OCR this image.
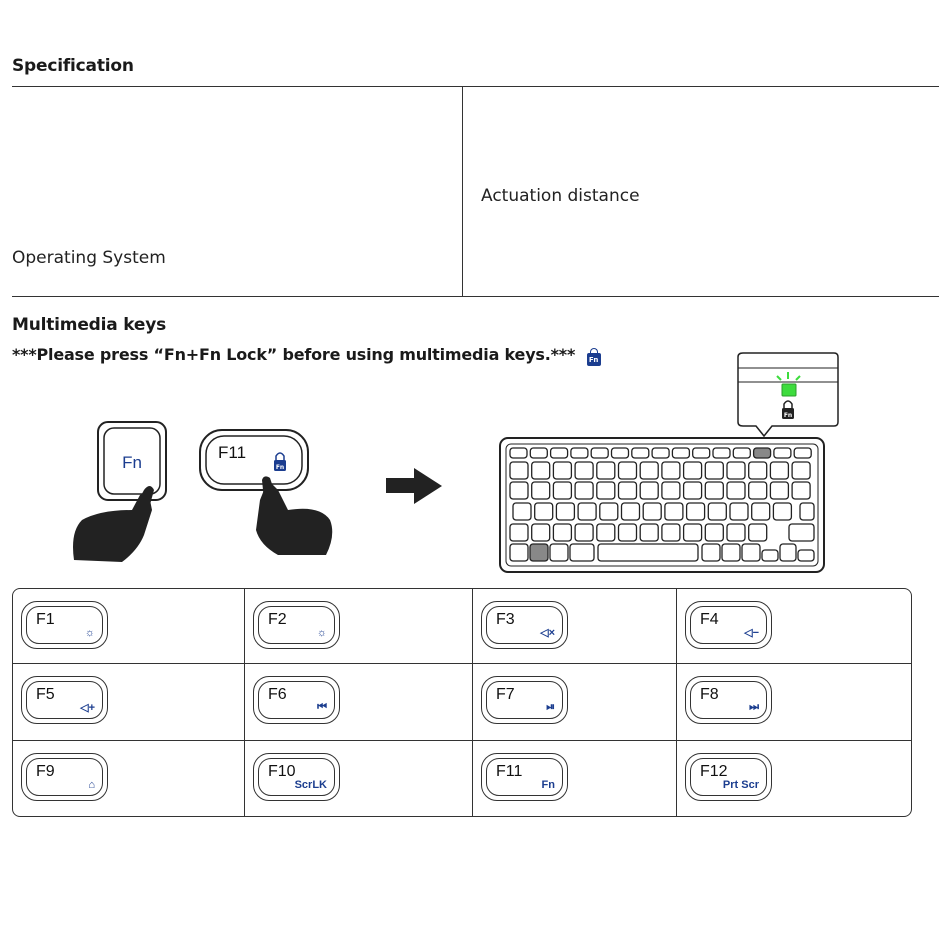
Specification
Operating System
Actuation distance
Multimedia keys
***Please press “Fn+Fn Lock” before using multimedia keys.*** Fn
Fn
F11
Fn
Fn
F1
☼
F2
☼
F3
◁×
F4
◁−
F5
◁+
F6
⏮
F7
⏯
F8
⏭
F9
⌂
F10
ScrLK
F11
Fn
F12
Prt Scr
